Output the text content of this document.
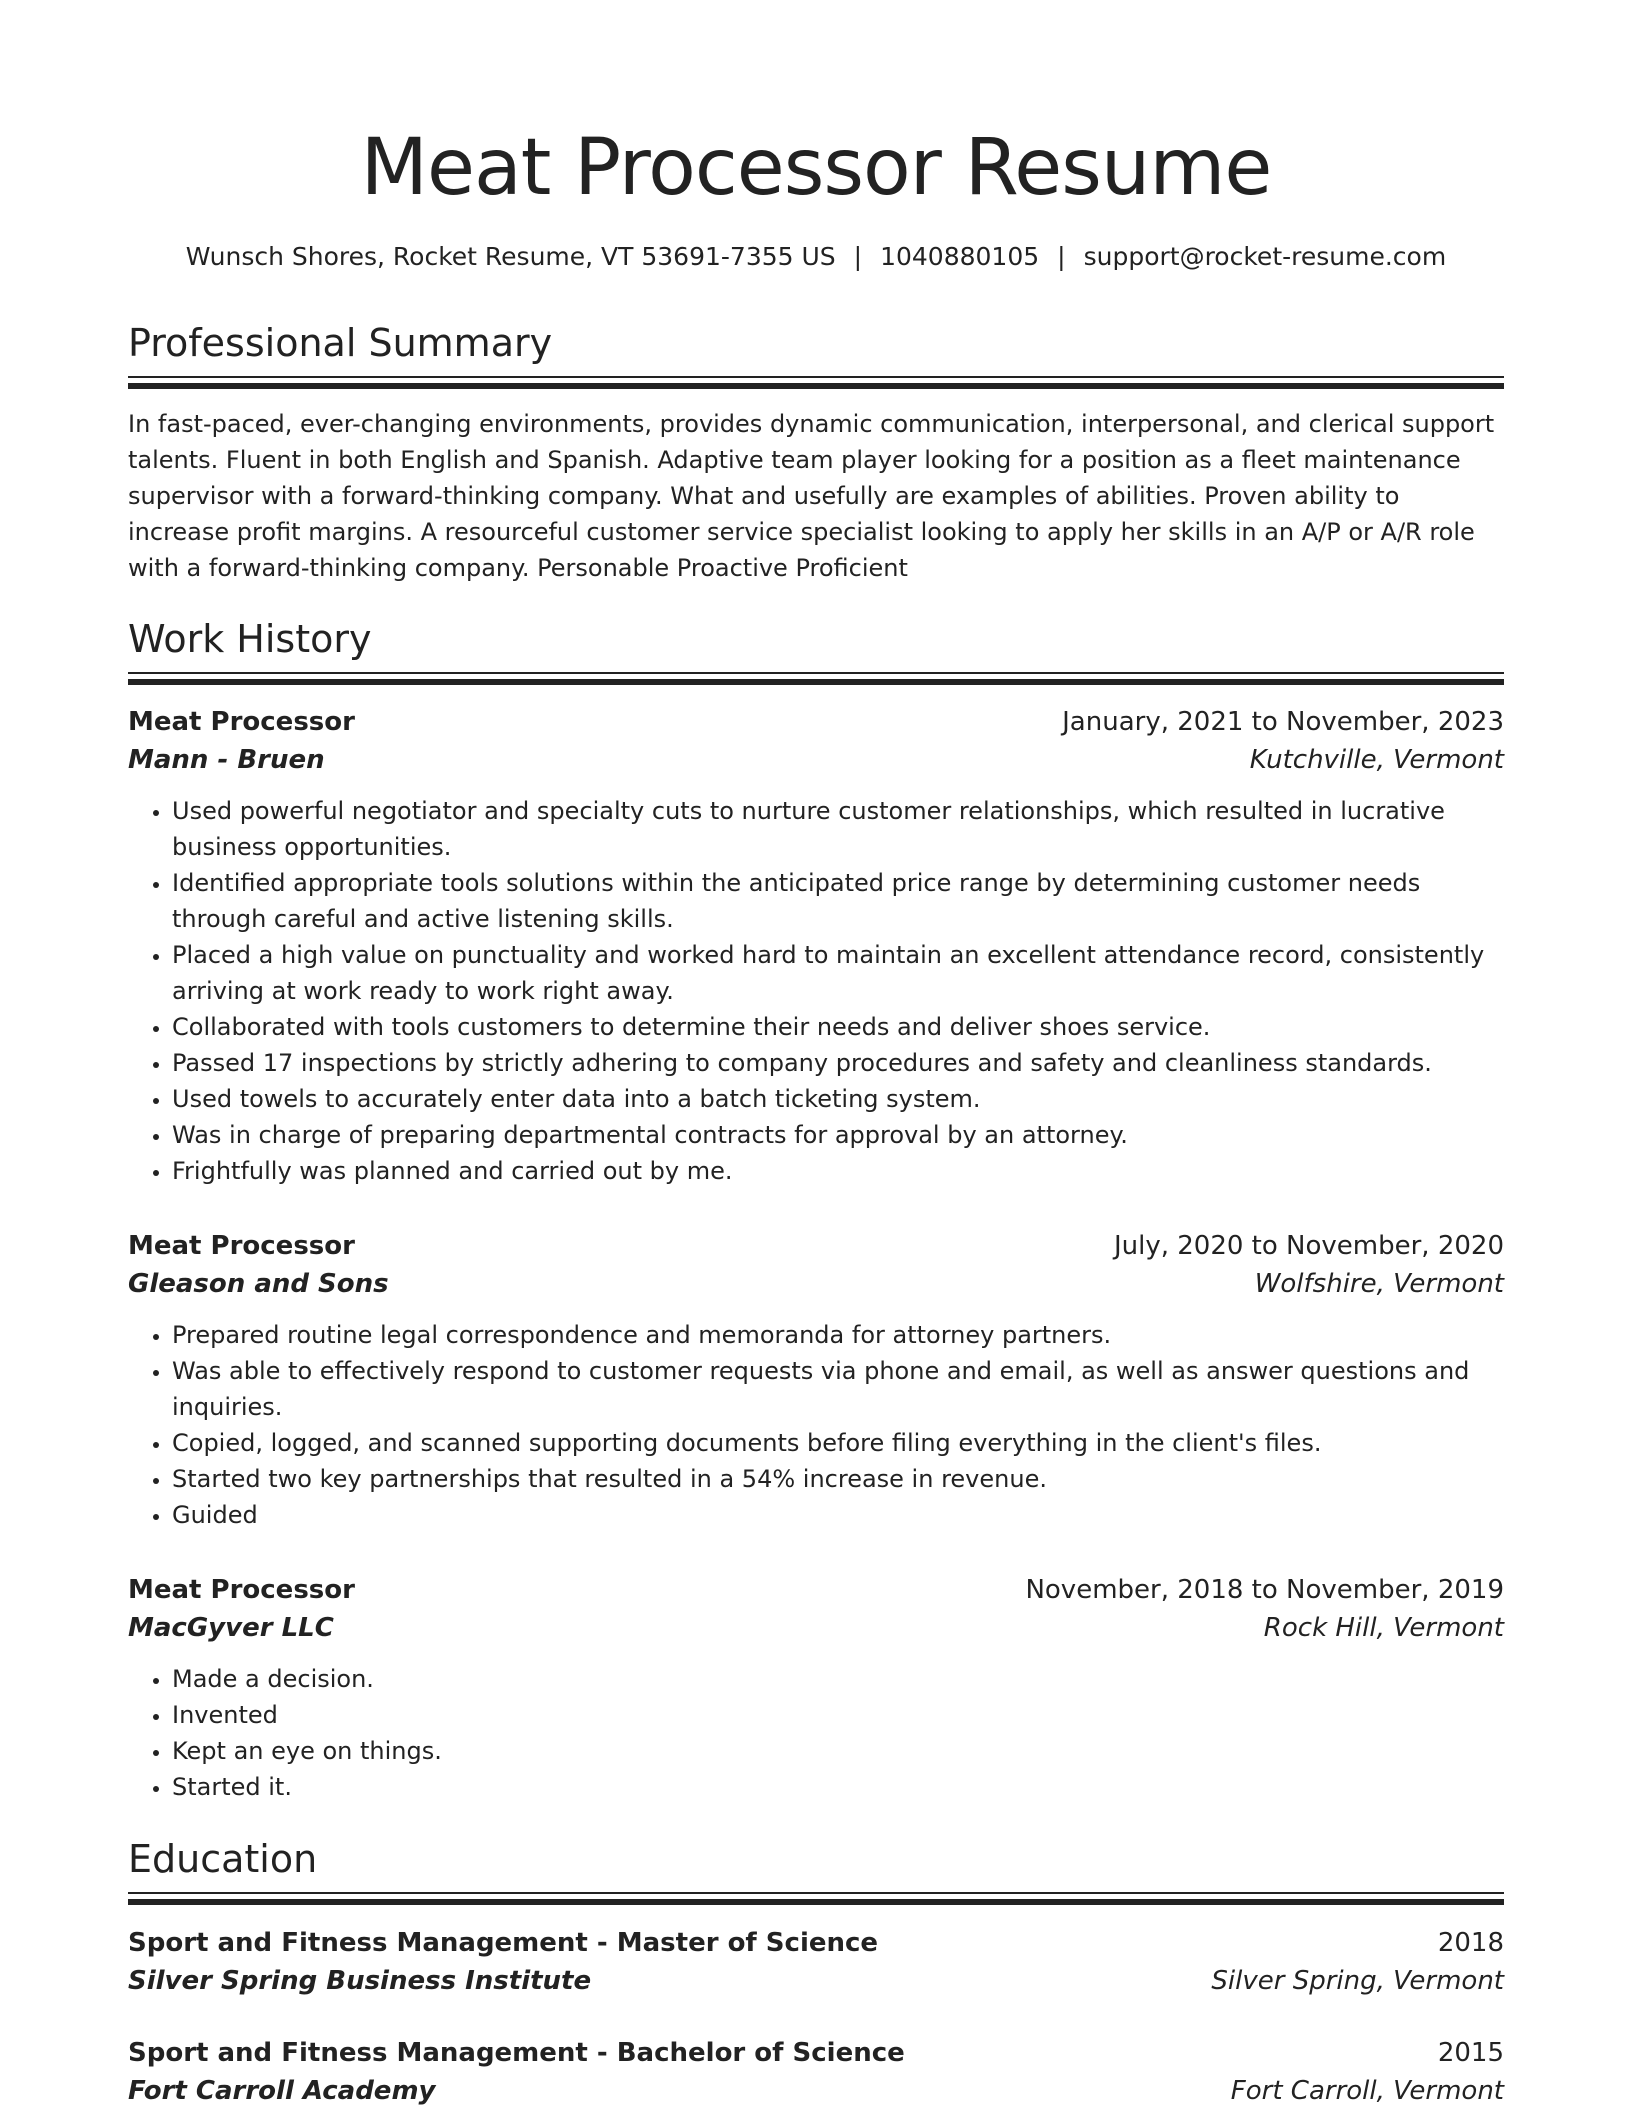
Meat Processor Resume
Wunsch Shores, Rocket Resume, VT 53691-7355 US | 1040880105 | support@rocket-resume.com
Professional Summary

In fast-paced, ever-changing environments, provides dynamic communication, interpersonal, and clerical support talents. Fluent in both English and Spanish. Adaptive team player looking for a position as a fleet maintenance supervisor with a forward-thinking company. What and usefully are examples of abilities. Proven ability to increase profit margins. A resourceful customer service specialist looking to apply her skills in an A/P or A/R role with a forward-thinking company. Personable Proactive Proficient

Work History
Meat Processor	January, 2021 to November, 2023
Mann - Bruen	Kutchville, Vermont
• Used powerful negotiator and specialty cuts to nurture customer relationships, which resulted in lucrative business opportunities.
• Identified appropriate tools solutions within the anticipated price range by determining customer needs through careful and active listening skills.
• Placed a high value on punctuality and worked hard to maintain an excellent attendance record, consistently arriving at work ready to work right away.
• Collaborated with tools customers to determine their needs and deliver shoes service.
• Passed 17 inspections by strictly adhering to company procedures and safety and cleanliness standards.
• Used towels to accurately enter data into a batch ticketing system.
• Was in charge of preparing departmental contracts for approval by an attorney.
• Frightfully was planned and carried out by me.
Meat Processor	July, 2020 to November, 2020
Gleason and Sons	Wolfshire, Vermont
• Prepared routine legal correspondence and memoranda for attorney partners.
• Was able to effectively respond to customer requests via phone and email, as well as answer questions and inquiries.
• Copied, logged, and scanned supporting documents before filing everything in the client's files.
• Started two key partnerships that resulted in a 54% increase in revenue.
• Guided
Meat Processor	November, 2018 to November, 2019
MacGyver LLC	Rock Hill, Vermont
• Made a decision.
• Invented
• Kept an eye on things.
• Started it.
Education
Sport and Fitness Management - Master of Science	2018
Silver Spring Business Institute	Silver Spring, Vermont
Sport and Fitness Management - Bachelor of Science	2015
Fort Carroll Academy	Fort Carroll, Vermont
